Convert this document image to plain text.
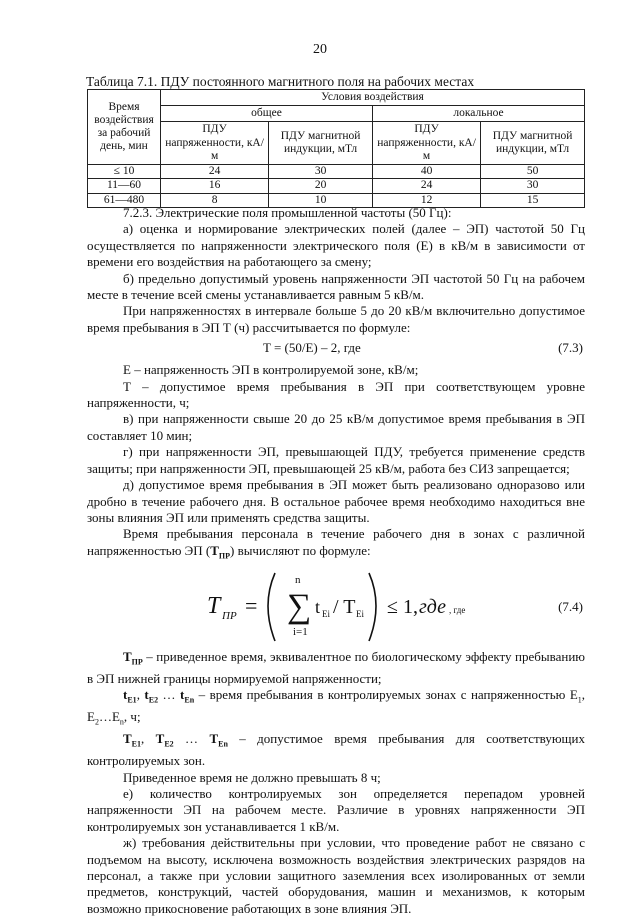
20
Таблица 7.1. ПДУ постоянного магнитного поля на рабочих местах
Время воздействия за рабочий день, мин	Условия воздействия			
	общее		локальное	
	ПДУ напряженности, кА/м	ПДУ магнитной индукции, мТл	ПДУ напряженности, кА/м	ПДУ магнитной индукции, мТл
≤ 10	24	30	40	50
11—60	16	20	24	30
61—480	8	10	12	15

7.2.3. Электрические поля промышленной частоты (50 Гц):

а) оценка и нормирование электрических полей (далее – ЭП) частотой 50 Гц осуществляется по напряженности электрического поля (Е) в кВ/м в зависимости от времени его воздействия на работающего за смену;

б) предельно допустимый уровень напряженности ЭП частотой 50 Гц на рабочем месте в течение всей смены устанавливается равным 5 кВ/м.

При напряженностях в интервале больше 5 до 20 кВ/м включительно допустимое время пребывания в ЭП Т (ч) рассчитывается по формуле:

T = (50/E) – 2, где	(7.3)

Е – напряженность ЭП в контролируемой зоне, кВ/м;

Т – допустимое время пребывания в ЭП при соответствующем уровне напряженности, ч;

в) при напряженности свыше 20 до 25 кВ/м допустимое время пребывания в ЭП составляет 10 мин;

г) при напряженности ЭП, превышающей ПДУ, требуется применение средств защиты; при напряженности ЭП, превышающей 25 кВ/м, работа без СИЗ запрещается;

д) допустимое время пребывания в ЭП может быть реализовано одноразово или дробно в течение рабочего дня. В остальное рабочее время необходимо находиться вне зоны влияния ЭП или применять средства защиты.

Время пребывания персонала в течение рабочего дня в зонах с различной напряженностью ЭП $(Т_{ПР})$ вычисляют по формуле:

T ПР =
n
∑
i=1
t Ei / T Ei ≤ 1, где , где	(7.4)

$Т_{ПР}$ – приведенное время, эквивалентное по биологическому эффекту пребыванию в ЭП нижней границы нормируемой напряженности;

$t_{E1}$, $t_{E2}$ … $t_{En}$ – время пребывания в контролируемых зонах с напряженностью $E_1$, $E_2\dots E_n$, ч;

$T_{E1}$, $T_{E2}$ … $T_{En}$ – допустимое время пребывания для соответствующих контролируемых зон.

Приведенное время не должно превышать 8 ч;

е) количество контролируемых зон определяется перепадом уровней напряженности ЭП на рабочем месте. Различие в уровнях напряженности ЭП контролируемых зон устанавливается 1 кВ/м.

ж) требования действительны при условии, что проведение работ не связано с подъемом на высоту, исключена возможность воздействия электрических разрядов на персонал, а также при условии защитного заземления всех изолированных от земли предметов, конструкций, частей оборудования, машин и механизмов, к которым возможно прикосновение работающих в зоне влияния ЭП.
